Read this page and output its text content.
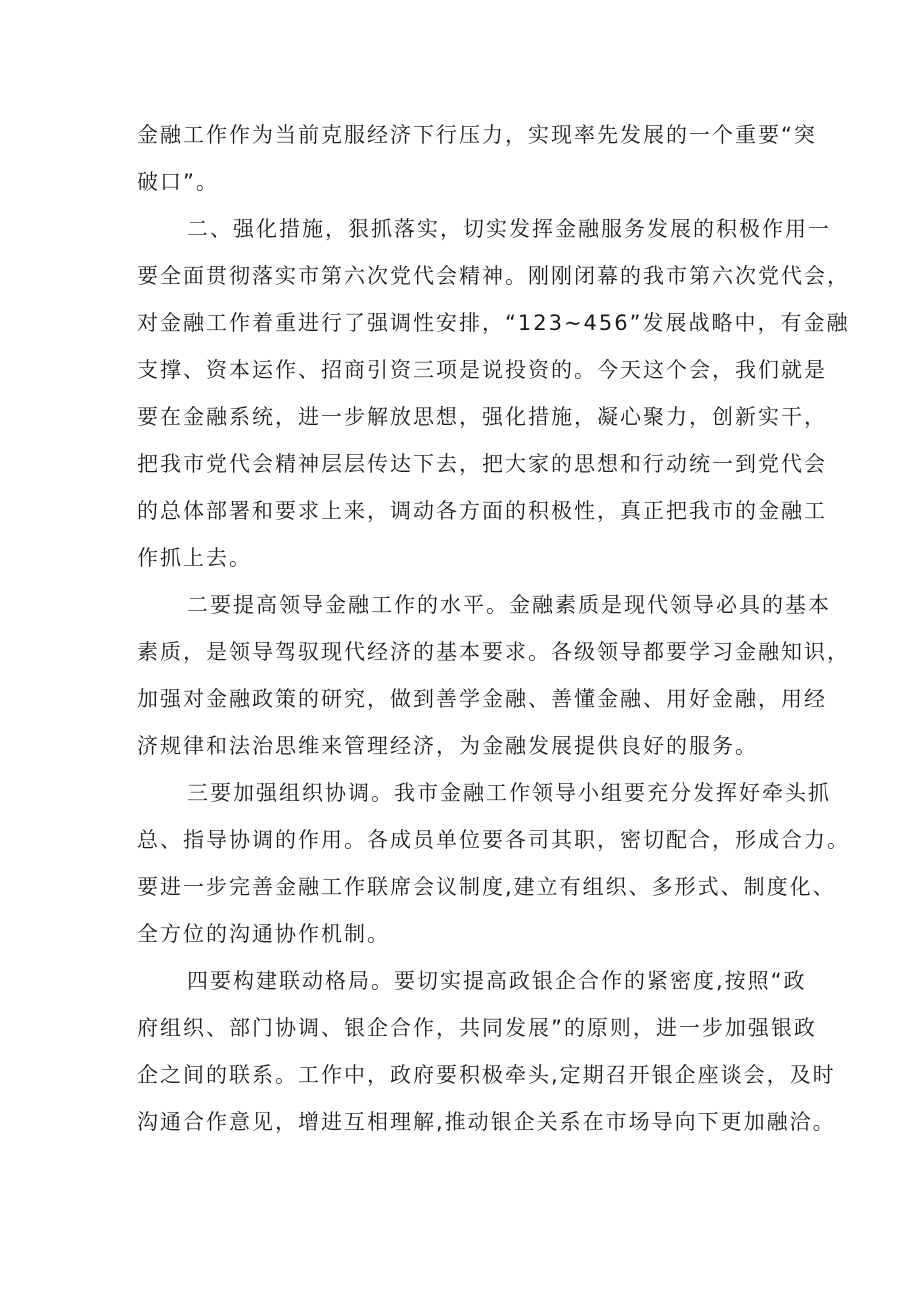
金融工作作为当前克服经济下行压力，实现率先发展的一个重要“突
破口”。
二、强化措施，狠抓落实，切实发挥金融服务发展的积极作用一
要全面贯彻落实市第六次党代会精神。刚刚闭幕的我市第六次党代会，
对金融工作着重进行了强调性安排，“123~456”发展战略中，有金融
支撑、资本运作、招商引资三项是说投资的。今天这个会，我们就是
要在金融系统，进一步解放思想，强化措施，凝心聚力，创新实干，
把我市党代会精神层层传达下去，把大家的思想和行动统一到党代会
的总体部署和要求上来，调动各方面的积极性，真正把我市的金融工
作抓上去。
二要提高领导金融工作的水平。金融素质是现代领导必具的基本
素质，是领导驾驭现代经济的基本要求。各级领导都要学习金融知识，
加强对金融政策的研究，做到善学金融、善懂金融、用好金融，用经
济规律和法治思维来管理经济，为金融发展提供良好的服务。
三要加强组织协调。我市金融工作领导小组要充分发挥好牵头抓
总、指导协调的作用。各成员单位要各司其职，密切配合，形成合力。
要进一步完善金融工作联席会议制度,建立有组织、多形式、制度化、
全方位的沟通协作机制。
四要构建联动格局。要切实提高政银企合作的紧密度,按照“政
府组织、部门协调、银企合作，共同发展”的原则，进一步加强银政
企之间的联系。工作中，政府要积极牵头,定期召开银企座谈会，及时
沟通合作意见，增进互相理解,推动银企关系在市场导向下更加融洽。
